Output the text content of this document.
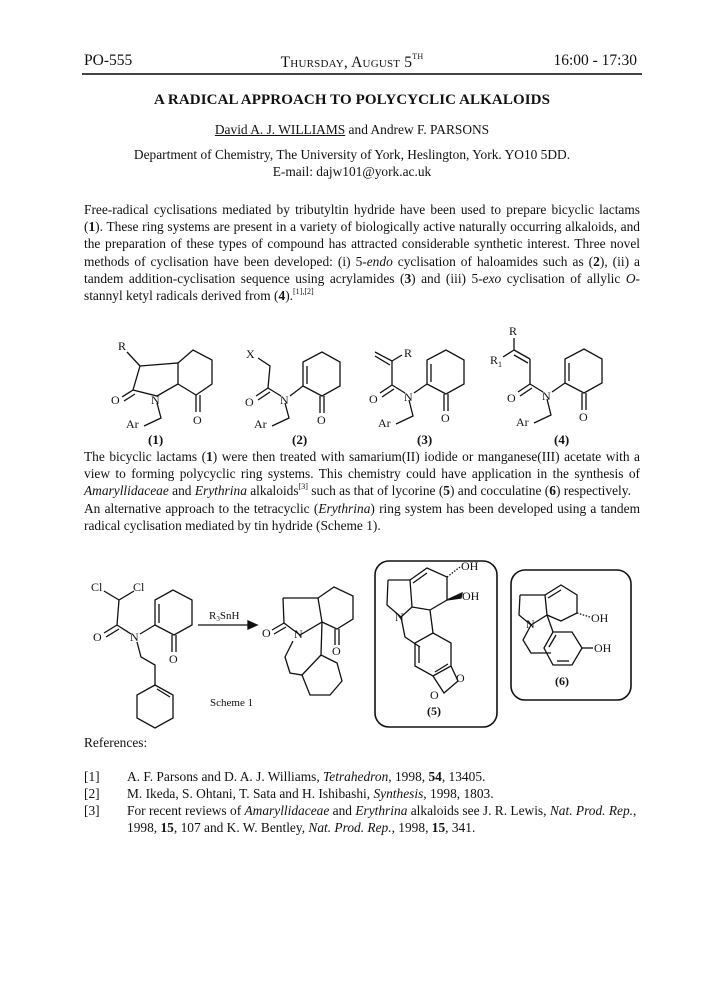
PO-555	Thursday, August 5TH	16:00 - 17:30
A RADICAL APPROACH TO POLYCYCLIC ALKALOIDS
David A. J. WILLIAMS and Andrew F. PARSONS
Department of Chemistry, The University of York, Heslington, York. YO10 5DD.
E-mail: dajw101@york.ac.uk
Free-radical cyclisations mediated by tributyltin hydride have been used to prepare bicyclic lactams (1). These ring systems are present in a variety of biologically active naturally occurring alkaloids, and the preparation of these types of compound has attracted considerable synthetic interest. Three novel methods of cyclisation have been developed: (i) 5-endo cyclisation of haloamides such as (2), (ii) a tandem addition-cyclisation sequence using acrylamides (3) and (iii) 5-exo cyclisation of allylic O-stannyl ketyl radicals derived from (4).[1],[2]
R
O	N
O
Ar
(1)
X
O N
O
Ar
(2)
R
O N
O
Ar
(3)
R
$R_1$
O N
O
Ar
(4)
The bicyclic lactams (1) were then treated with samarium(II) iodide or manganese(III) acetate with a view to forming polycyclic ring systems. This chemistry could have application in the synthesis of Amaryllidaceae and Erythrina alkaloids[3] such as that of lycorine (5) and cocculatine (6) respectively.
An alternative approach to the tetracyclic (Erythrina) ring system has been developed using a tandem radical cyclisation mediated by tin hydride (Scheme 1).
Cl	Cl
O N
O
R3SnH
Scheme 1
O N
O
OH
OH
N
O
O
(5)
OH
OH
N
(6)
References:
[1] A. F. Parsons and D. A. J. Williams, Tetrahedron, 1998, 54, 13405.
[2] M. Ikeda, S. Ohtani, T. Sata and H. Ishibashi, Synthesis, 1998, 1803.
[3] For recent reviews of Amaryllidaceae and Erythrina alkaloids see J. R. Lewis, Nat. Prod. Rep., 1998, 15, 107 and K. W. Bentley, Nat. Prod. Rep., 1998, 15, 341.
